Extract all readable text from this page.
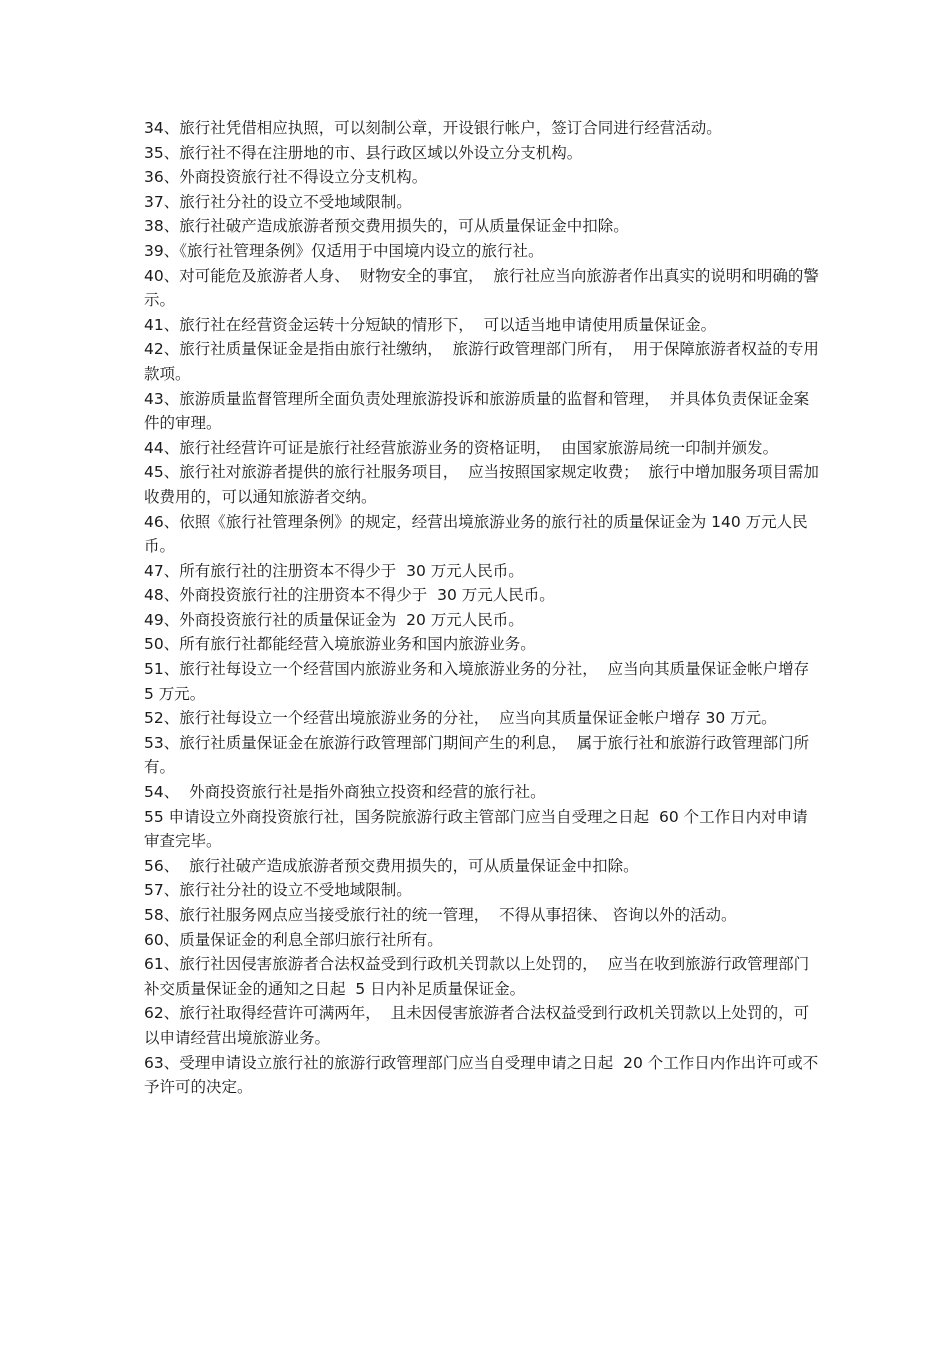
34、旅行社凭借相应执照，可以刻制公章，开设银行帐户，签订合同进行经营活动。

35、旅行社不得在注册地的市、县行政区域以外设立分支机构。

36、外商投资旅行社不得设立分支机构。

37、旅行社分社的设立不受地域限制。

38、旅行社破产造成旅游者预交费用损失的，可从质量保证金中扣除。

39、《旅行社管理条例》仅适用于中国境内设立的旅行社。

40、对可能危及旅游者人身、  财物安全的事宜，  旅行社应当向旅游者作出真实的说明和明确的警示。

41、旅行社在经营资金运转十分短缺的情形下，  可以适当地申请使用质量保证金。

42、旅行社质量保证金是指由旅行社缴纳，  旅游行政管理部门所有，  用于保障旅游者权益的专用款项。

43、旅游质量监督管理所全面负责处理旅游投诉和旅游质量的监督和管理，  并具体负责保证金案件的审理。

44、旅行社经营许可证是旅行社经营旅游业务的资格证明，  由国家旅游局统一印制并颁发。

45、旅行社对旅游者提供的旅行社服务项目，  应当按照国家规定收费；  旅行中增加服务项目需加收费用的，可以通知旅游者交纳。

46、依照《旅行社管理条例》的规定，经营出境旅游业务的旅行社的质量保证金为 140 万元人民币。

47、所有旅行社的注册资本不得少于  30 万元人民币。

48、外商投资旅行社的注册资本不得少于  30 万元人民币。

49、外商投资旅行社的质量保证金为  20 万元人民币。

50、所有旅行社都能经营入境旅游业务和国内旅游业务。

51、旅行社每设立一个经营国内旅游业务和入境旅游业务的分社，  应当向其质量保证金帐户增存  5 万元。

52、旅行社每设立一个经营出境旅游业务的分社，  应当向其质量保证金帐户增存 30 万元。

53、旅行社质量保证金在旅游行政管理部门期间产生的利息，  属于旅行社和旅游行政管理部门所有。

54、  外商投资旅行社是指外商独立投资和经营的旅行社。

55 申请设立外商投资旅行社，国务院旅游行政主管部门应当自受理之日起  60 个工作日内对申请审查完毕。

56、  旅行社破产造成旅游者预交费用损失的，可从质量保证金中扣除。

57、旅行社分社的设立不受地域限制。

58、旅行社服务网点应当接受旅行社的统一管理，  不得从事招徕、 咨询以外的活动。

60、质量保证金的利息全部归旅行社所有。

61、旅行社因侵害旅游者合法权益受到行政机关罚款以上处罚的，  应当在收到旅游行政管理部门补交质量保证金的通知之日起  5 日内补足质量保证金。

62、旅行社取得经营许可满两年，  且未因侵害旅游者合法权益受到行政机关罚款以上处罚的，可以申请经营出境旅游业务。

63、受理申请设立旅行社的旅游行政管理部门应当自受理申请之日起  20 个工作日内作出许可或不予许可的决定。
